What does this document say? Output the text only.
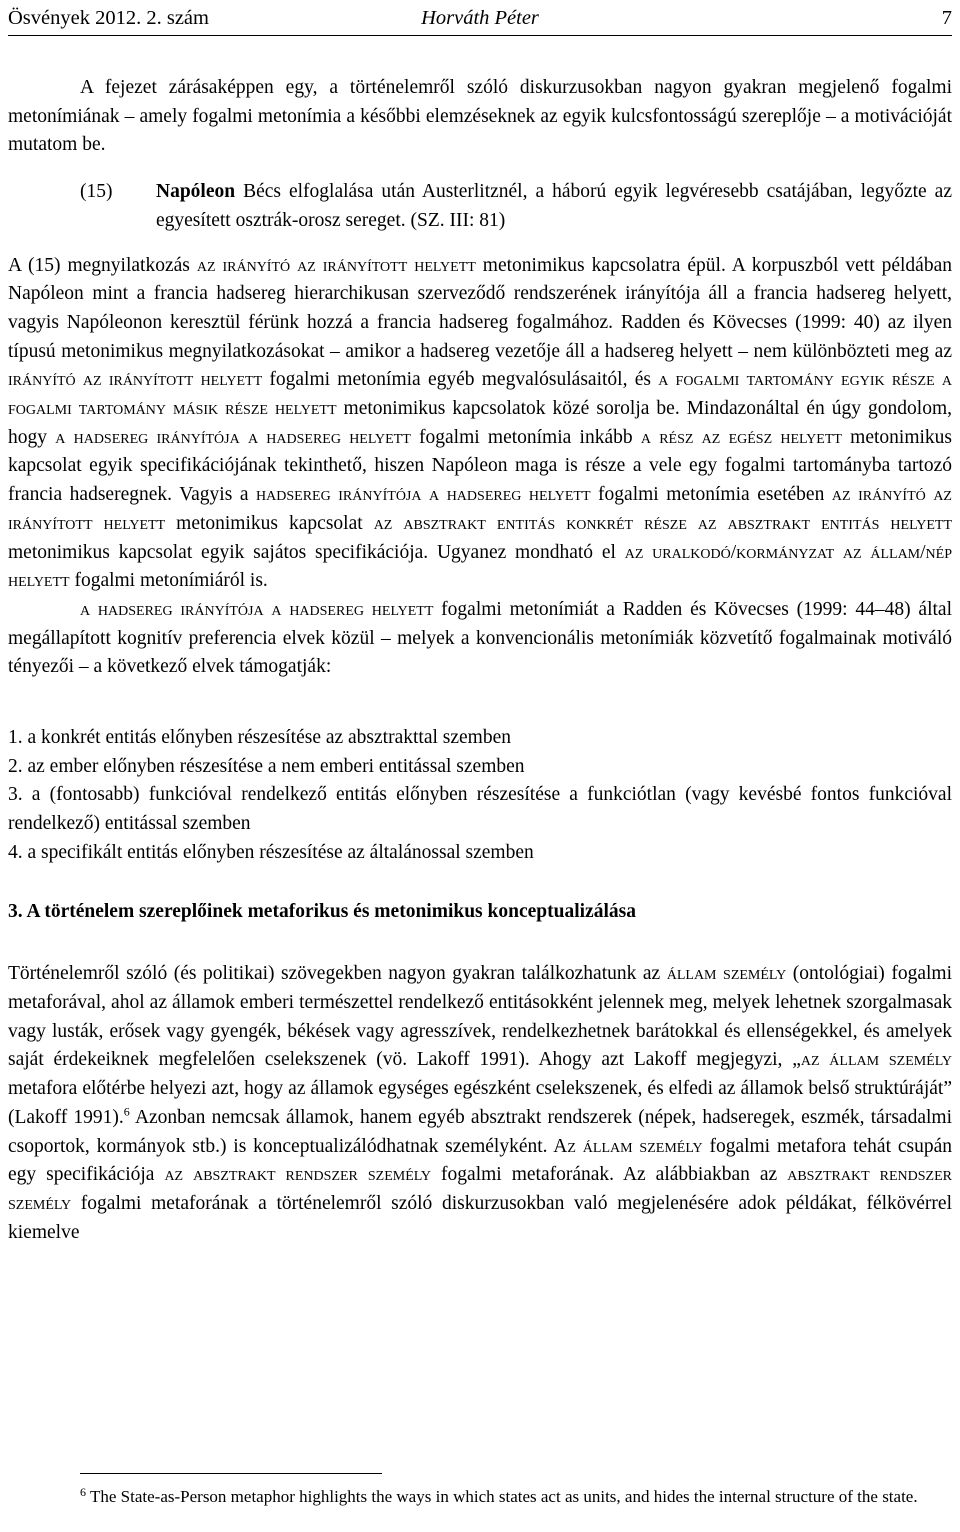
Ösvények 2012. 2. szám	Horváth Péter	7

A fejezet zárásaképpen egy, a történelemről szóló diskurzusokban nagyon gyakran megjelenő fogalmi metonímiának – amely fogalmi metonímia a későbbi elemzéseknek az egyik kulcsfontosságú szereplője – a motivációját mutatom be.

(15) Napóleon Bécs elfoglalása után Austerlitznél, a háború egyik legvéresebb csatájában, legyőzte az egyesített osztrák-orosz sereget. (SZ. III: 81)

A (15) megnyilatkozás az irányító az irányított helyett metonimikus kapcsolatra épül. A korpuszból vett példában Napóleon mint a francia hadsereg hierarchikusan szerveződő rendszerének irányítója áll a francia hadsereg helyett, vagyis Napóleonon keresztül férünk hozzá a francia hadsereg fogalmához. Radden és Kövecses (1999: 40) az ilyen típusú metonimikus megnyilatkozásokat – amikor a hadsereg vezetője áll a hadsereg helyett – nem különbözteti meg az irányító az irányított helyett fogalmi metonímia egyéb megvalósulásaitól, és a fogalmi tartomány egyik része a fogalmi tartomány másik része helyett metonimikus kapcsolatok közé sorolja be. Mindazonáltal én úgy gondolom, hogy a hadsereg irányítója a hadsereg helyett fogalmi metonímia inkább a rész az egész helyett metonimikus kapcsolat egyik specifikációjának tekinthető, hiszen Napóleon maga is része a vele egy fogalmi tartományba tartozó francia hadseregnek. Vagyis a hadsereg irányítója a hadsereg helyett fogalmi metonímia esetében az irányító az irányított helyett metonimikus kapcsolat az absztrakt entitás konkrét része az absztrakt entitás helyett metonimikus kapcsolat egyik sajátos specifikációja. Ugyanez mondható el az uralkodó/kormányzat az állam/nép helyett fogalmi metonímiáról is.

a hadsereg irányítója a hadsereg helyett fogalmi metonímiát a Radden és Kövecses (1999: 44–48) által megállapított kognitív preferencia elvek közül – melyek a konvencionális metonímiák közvetítő fogalmainak motiváló tényezői – a következő elvek támogatják:

1. a konkrét entitás előnyben részesítése az absztrakttal szemben

2. az ember előnyben részesítése a nem emberi entitással szemben

3. a (fontosabb) funkcióval rendelkező entitás előnyben részesítése a funkciótlan (vagy kevésbé fontos funkcióval rendelkező) entitással szemben

4. a specifikált entitás előnyben részesítése az általánossal szemben

3. A történelem szereplőinek metaforikus és metonimikus konceptualizálása

Történelemről szóló (és politikai) szövegekben nagyon gyakran találkozhatunk az állam személy (ontológiai) fogalmi metaforával, ahol az államok emberi természettel rendelkező entitásokként jelennek meg, melyek lehetnek szorgalmasak vagy lusták, erősek vagy gyengék, békések vagy agresszívek, rendelkezhetnek barátokkal és ellenségekkel, és amelyek saját érdekeiknek megfelelően cselekszenek (vö. Lakoff 1991). Ahogy azt Lakoff megjegyzi, „az állam személy metafora előtérbe helyezi azt, hogy az államok egységes egészként cselekszenek, és elfedi az államok belső struktúráját” (Lakoff 1991).$^6$ Azonban nemcsak államok, hanem egyéb absztrakt rendszerek (népek, hadseregek, eszmék, társadalmi csoportok, kormányok stb.) is konceptualizálódhatnak személyként. Az állam személy fogalmi metafora tehát csupán egy specifikációja az absztrakt rendszer személy fogalmi metaforának. Az alábbiakban az absztrakt rendszer személy fogalmi metaforának a történelemről szóló diskurzusokban való megjelenésére adok példákat, félkövérrel kiemelve

$^6$ The State-as-Person metaphor highlights the ways in which states act as units, and hides the internal structure of the state.
